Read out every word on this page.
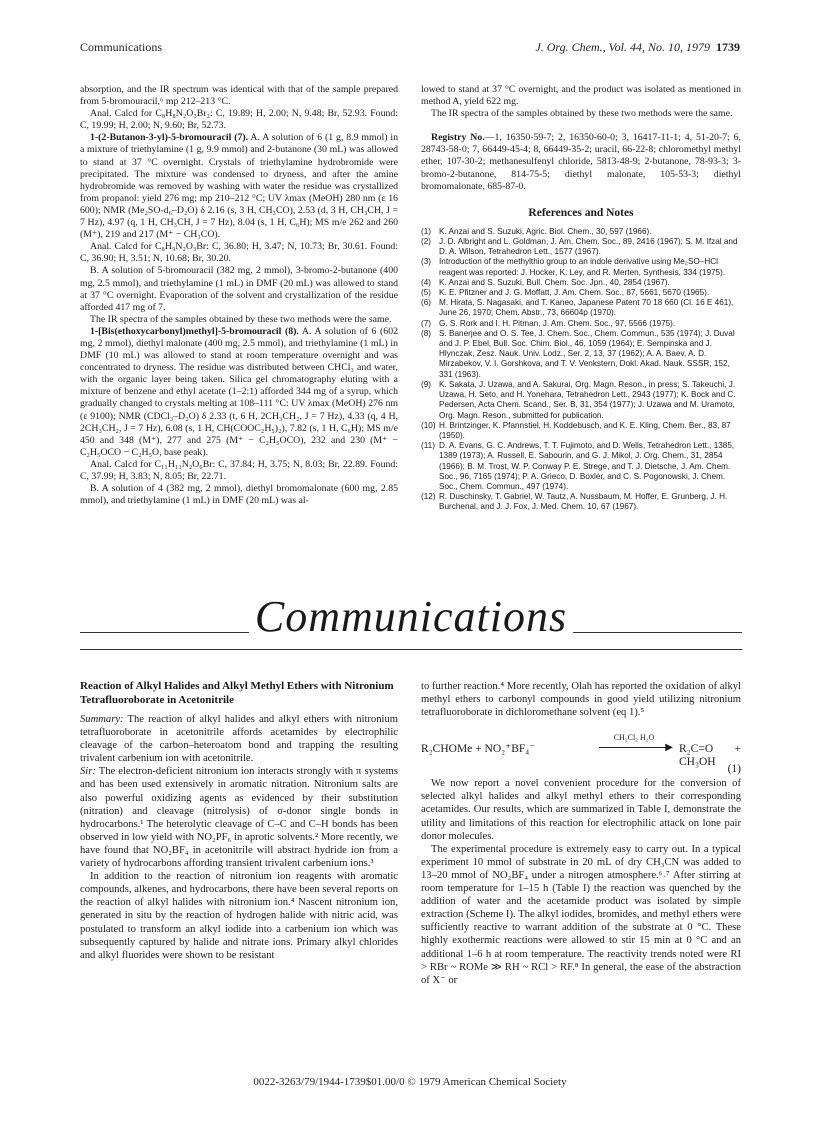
Communications	J. Org. Chem., Vol. 44, No. 10, 1979 1739

absorption, and the IR spectrum was identical with that of the sample prepared from 5-bromouracil,⁶ mp 212–213 °C.

Anal. Calcd for C₈H₈N₂O₃Br₂: C, 19.89; H, 2.00; N, 9.48; Br, 52.93. Found: C, 19.99; H, 2.00; N, 9.60; Br, 52.73.

1-(2-Butanon-3-yl)-5-bromouracil (7). A. A solution of 6 (1 g, 8.9 mmol) in a mixture of triethylamine (1 g, 9.9 mmol) and 2-butanone (30 mL) was allowed to stand at 37 °C overnight. Crystals of triethylamine hydrobromide were precipitated. The mixture was condensed to dryness, and after the amine hydrobromide was removed by washing with water the residue was crystallized from propanol: yield 276 mg; mp 210–212 °C; UV λmax (MeOH) 280 nm (ε 16 600); NMR (Me₂SO-d₆–D₂O) δ 2.16 (s, 3 H, CH₃CO), 2.53 (d, 3 H, CH₃CH, J = 7 Hz), 4.97 (q, 1 H, CH₃CH, J = 7 Hz), 8.04 (s, 1 H, C₆H); MS m/e 262 and 260 (M⁺), 219 and 217 (M⁺ − CH₃CO).

Anal. Calcd for C₈H₉N₂O₃Br: C, 36.80; H, 3.47; N, 10.73; Br, 30.61. Found: C, 36.90; H, 3.51; N, 10.68; Br, 30.20.

B. A solution of 5-bromouracil (382 mg, 2 mmol), 3-bromo-2-butanone (400 mg, 2.5 mmol), and triethylamine (1 mL) in DMF (20 mL) was allowed to stand at 37 °C overnight. Evaporation of the solvent and crystallization of the residue afforded 417 mg of 7.

The IR spectra of the samples obtained by these two methods were the same.

1-[Bis(ethoxycarbonyl)methyl]-5-bromouracil (8). A. A solution of 6 (602 mg, 2 mmol), diethyl malonate (400 mg, 2.5 mmol), and triethylamine (1 mL) in DMF (10 mL) was allowed to stand at room temperature overnight and was concentrated to dryness. The residue was distributed between CHCl₃ and water, with the organic layer being taken. Silica gel chromatography eluting with a mixture of benzene and ethyl acetate (1–2:1) afforded 344 mg of a syrup, which gradually changed to crystals melting at 108–111 °C: UV λmax (MeOH) 276 nm (ε 9100); NMR (CDCl₃–D₂O) δ 2.33 (t, 6 H, 2CH₃CH₂, J = 7 Hz), 4.33 (q, 4 H, 2CH₃CH₂, J = 7 Hz), 6.08 (s, 1 H, CH(COOC₂H₅)₂), 7.82 (s, 1 H, C₆H); MS m/e 450 and 348 (M⁺), 277 and 275 (M⁺ − C₂H₅OCO), 232 and 230 (M⁺ − C₂H₅OCO − C₂H₅O, base peak).

Anal. Calcd for C₁₁H₁₃N₂O₆Br: C, 37.84; H, 3.75; N, 8.03; Br, 22.89. Found: C, 37.99; H, 3.83; N, 8.05; Br, 22.71.

B. A solution of 4 (382 mg, 2 mmol), diethyl bromomalonate (600 mg, 2.85 mmol), and triethylamine (1 mL) in DMF (20 mL) was al-

lowed to stand at 37 °C overnight, and the product was isolated as mentioned in method A, yield 622 mg.

The IR spectra of the samples obtained by these two methods were the same.

Registry No.—1, 16350-59-7; 2, 16350-60-0; 3, 16417-11-1; 4, 51-20-7; 6, 28743-58-0; 7, 66449-45-4; 8, 66449-35-2; uracil, 66-22-8; chloromethyl methyl ether, 107-30-2; methanesulfenyl chloride, 5813-48-9; 2-butanone, 78-93-3; 3-bromo-2-butanone, 814-75-5; diethyl malonate, 105-53-3; diethyl bromomalonate, 685-87-0.

References and Notes
(1) K. Anzai and S. Suzuki, Agric. Biol. Chem., 30, 597 (1966).
(2) J. D. Albright and L. Goldman, J. Am. Chem. Soc., 89, 2416 (1967); S. M. Ifzal and D. A. Wilson, Tetrahedron Lett., 1577 (1967).
(3) Introduction of the methylthio group to an indole derivative using Me₂SO–HCl reagent was reported: J. Hocker, K. Ley, and R. Merten, Synthesis, 334 (1975).
(4) K. Anzai and S. Suzuki, Bull. Chem. Soc. Jpn., 40, 2854 (1967).
(5) K. E. Pfitzner and J. G. Moffatt, J. Am. Chem. Soc., 87, 5661, 5670 (1965).
(6) M. Hirata, S. Nagasaki, and T. Kaneo, Japanese Patent 70 18 660 (Cl. 16 E 461), June 26, 1970; Chem. Abstr., 73, 66604p (1970).
(7) G. S. Rork and I. H. Pitman, J. Am. Chem. Soc., 97, 5566 (1975).
(8) S. Banerjee and O. S. Tee, J. Chem. Soc., Chem. Commun., 535 (1974); J. Duval and J. P. Ebel, Bull. Soc. Chim. Biol., 46, 1059 (1964); E. Sempinska and J. Hlynczak, Zesz. Nauk. Univ. Lodz., Ser. 2, 13, 37 (1962); A. A. Baev, A. D. Mirzabekov, V. I. Gorshkova, and T. V. Venkstern, Dokl. Akad. Nauk. SSSR, 152, 331 (1963).
(9) K. Sakata, J. Uzawa, and A. Sakurai, Org. Magn. Reson., in press; S. Takeuchi, J. Uzawa, H. Seto, and H. Yonehara, Tetrahedron Lett., 2943 (1977); K. Bock and C. Pedersen, Acta Chem. Scand., Ser. B, 31, 354 (1977); J. Uzawa and M. Uramoto, Org. Magn. Reson., submitted for publication.
(10) H. Brintzinger, K. Pfannstiel, H. Koddebusch, and K. E. Kling, Chem. Ber., 83, 87 (1950).
(11) D. A. Evans, G. C. Andrews, T. T. Fujimoto, and D. Wells, Tetrahedron Lett., 1385, 1389 (1973); A. Russell, E. Sabourin, and G. J. Mikol, J. Org. Chem., 31, 2854 (1966); B. M. Trost, W. P. Conway P. E. Strege, and T. J. Dietsche, J. Am. Chem. Soc., 96, 7165 (1974); P. A. Grieco, D. Boxler, and C. S. Pogonowski, J. Chem. Soc., Chem. Commun., 497 (1974).
(12) R. Duschinsky, T. Gabriel, W. Tautz, A. Nussbaum, M. Hoffer, E. Grunberg, J. H. Burchenal, and J. J. Fox, J. Med. Chem. 10, 67 (1967).
Communications
Reaction of Alkyl Halides and Alkyl Methyl Ethers with Nitronium Tetrafluoroborate in Acetonitrile

Summary: The reaction of alkyl halides and alkyl ethers with nitronium tetrafluoroborate in acetonitrile affords acetamides by electrophilic cleavage of the carbon–heteroatom bond and trapping the resulting trivalent carbenium ion with acetonitrile.

Sir: The electron-deficient nitronium ion interacts strongly with π systems and has been used extensively in aromatic nitration. Nitronium salts are also powerful oxidizing agents as evidenced by their substitution (nitration) and cleavage (nitrolysis) of σ-donor single bonds in hydrocarbons.¹ The heterolytic cleavage of C–C and C–H bonds has been observed in low yield with NO₂PF₆ in aprotic solvents.² More recently, we have found that NO₂BF₄ in acetonitrile will abstract hydride ion from a variety of hydrocarbons affording transient trivalent carbenium ions.³

In addition to the reaction of nitronium ion reagents with aromatic compounds, alkenes, and hydrocarbons, there have been several reports on the reaction of alkyl halides with nitronium ion.⁴ Nascent nitronium ion, generated in situ by the reaction of hydrogen halide with nitric acid, was postulated to transform an alkyl iodide into a carbenium ion which was subsequently captured by halide and nitrate ions. Primary alkyl chlorides and alkyl fluorides were shown to be resistant

to further reaction.⁴ More recently, Olah has reported the oxidation of alkyl methyl ethers to carbonyl compounds in good yield utilizing nitronium tetrafluoroborate in dichloromethane solvent (eq 1).⁵

R₂CHOMe + NO₂⁺BF₄⁻
CH₂Cl₂ H₂O
▶ R₂C=O + CH₃OH
(1)

We now report a novel convenient procedure for the conversion of selected alkyl halides and alkyl methyl ethers to their corresponding acetamides. Our results, which are summarized in Table I, demonstrate the utility and limitations of this reaction for electrophilic attack on lone pair donor molecules.

The experimental procedure is extremely easy to carry out. In a typical experiment 10 mmol of substrate in 20 mL of dry CH₃CN was added to 13–20 mmol of NO₂BF₄ under a nitrogen atmosphere.⁶˒⁷ After stirring at room temperature for 1–15 h (Table I) the reaction was quenched by the addition of water and the acetamide product was isolated by simple extraction (Scheme I). The alkyl iodides, bromides, and methyl ethers were sufficiently reactive to warrant addition of the substrate at 0 °C. These highly exothermic reactions were allowed to stir 15 min at 0 °C and an additional 1–6 h at room temperature. The reactivity trends noted were RI > RBr ~ ROMe ≫ RH ~ RCl > RF.⁸ In general, the ease of the abstraction of X⁻ or

0022-3263/79/1944-1739$01.00/0 © 1979 American Chemical Society
